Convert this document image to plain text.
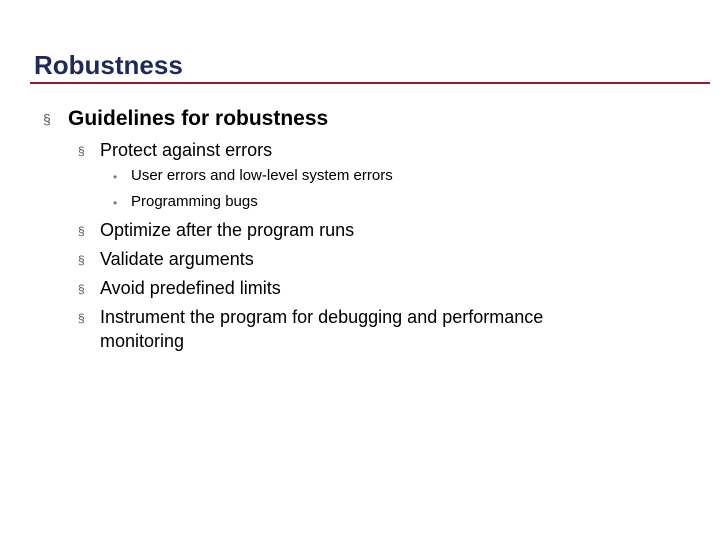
Robustness
§ Guidelines for robustness
§ Protect against errors
• User errors and low-level system errors
• Programming bugs
§ Optimize after the program runs
§ Validate arguments
§ Avoid predefined limits
§ Instrument the program for debugging and performance monitoring
